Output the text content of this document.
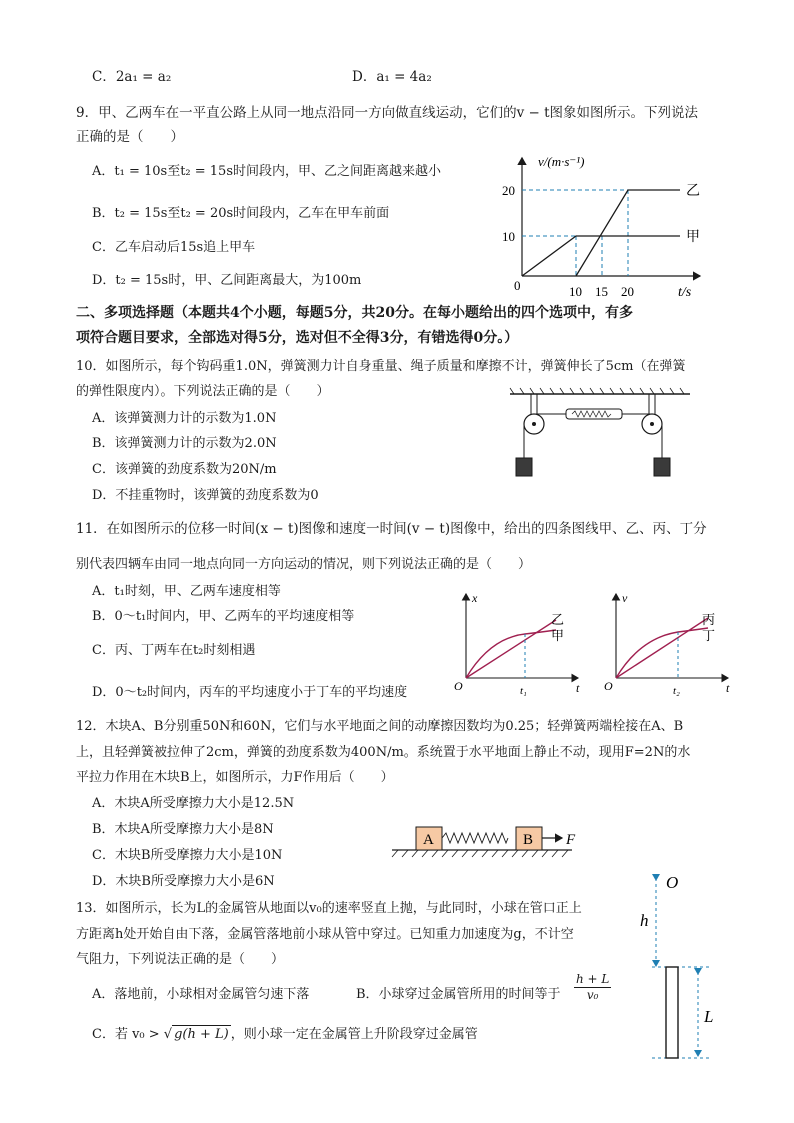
C．2a₁ = a₂	D．a₁ = 4a₂
9．甲、乙两车在一平直公路上从同一地点沿同一方向做直线运动，它们的v − t图象如图所示。下列说法
正确的是（　　）
A．t₁ = 10s至t₂ = 15s时间段内，甲、乙之间距离越来越小
B．t₂ = 15s至t₂ = 20s时间段内，乙车在甲车前面
C．乙车启动后15s追上甲车
D．t₂ = 15s时，甲、乙间距离最大，为100m
v/(m·s⁻¹)
t/s
0
10
20
10 15 20
乙
甲
二、多项选择题（本题共4个小题，每题5分，共20分。在每小题给出的四个选项中，有多
项符合题目要求，全部选对得5分，选对但不全得3分，有错选得0分。）
10．如图所示，每个钩码重1.0N，弹簧测力计自身重量、绳子质量和摩擦不计，弹簧伸长了5cm（在弹簧
的弹性限度内）。下列说法正确的是（　　）
A．该弹簧测力计的示数为1.0N
B．该弹簧测力计的示数为2.0N
C．该弹簧的劲度系数为20N/m
D．不挂重物时，该弹簧的劲度系数为0
11．在如图所示的位移一时间(x − t)图像和速度一时间(v − t)图像中，给出的四条图线甲、乙、丙、丁分
别代表四辆车由同一地点向同一方向运动的情况，则下列说法正确的是（　　）
A．t₁时刻，甲、乙两车速度相等
B．0～t₁时间内，甲、乙两车的平均速度相等
C．丙、丁两车在t₂时刻相遇
D．0～t₂时间内，丙车的平均速度小于丁车的平均速度
x
t
O	t₁
乙
甲
v
t
O	t₂
丙
丁
12．木块A、B分别重50N和60N，它们与水平地面之间的动摩擦因数均为0.25；轻弹簧两端栓接在A、B
上，且轻弹簧被拉伸了2cm，弹簧的劲度系数为400N/m。系统置于水平地面上静止不动，现用F=2N的水
平拉力作用在木块B上，如图所示，力F作用后（　　）
A．木块A所受摩擦力大小是12.5N
B．木块A所受摩擦力大小是8N
C．木块B所受摩擦力大小是10N
D．木块B所受摩擦力大小是6N
A	B F
13．如图所示，长为L的金属管从地面以v₀的速率竖直上抛，与此同时，小球在管口正上
方距离h处开始自由下落，金属管落地前小球从管中穿过。已知重力加速度为g，不计空
气阻力，下列说法正确的是（　　）
A．落地前，小球相对金属管匀速下落	B．小球穿过金属管所用的时间等于 $\frac{h + L}{\text{v₀}}$
C．若 v₀ > √ g(h + L) ，则小球一定在金属管上升阶段穿过金属管
O
h
L
